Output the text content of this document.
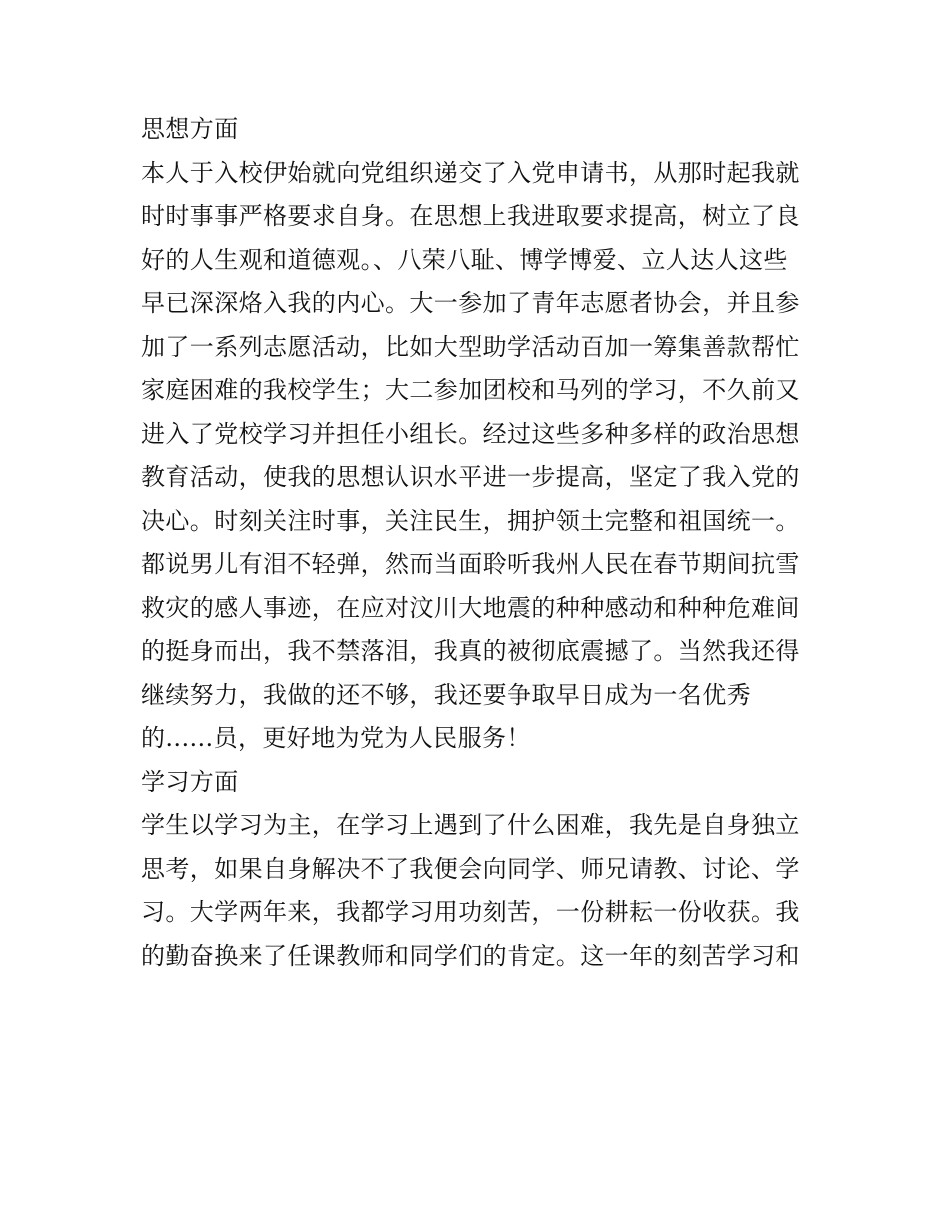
思想方面
本人于入校伊始就向党组织递交了入党申请书，从那时起我就
时时事事严格要求自身。在思想上我进取要求提高，树立了良
好的人生观和道德观。、八荣八耻、博学博爱、立人达人这些
早已深深烙入我的内心。大一参加了青年志愿者协会，并且参
加了一系列志愿活动，比如大型助学活动百加一筹集善款帮忙
家庭困难的我校学生；大二参加团校和马列的学习，不久前又
进入了党校学习并担任小组长。经过这些多种多样的政治思想
教育活动，使我的思想认识水平进一步提高，坚定了我入党的
决心。时刻关注时事，关注民生，拥护领土完整和祖国统一。
都说男儿有泪不轻弹，然而当面聆听我州人民在春节期间抗雪
救灾的感人事迹，在应对汶川大地震的种种感动和种种危难间
的挺身而出，我不禁落泪，我真的被彻底震撼了。当然我还得
继续努力，我做的还不够，我还要争取早日成为一名优秀
的......员，更好地为党为人民服务！
学习方面
学生以学习为主，在学习上遇到了什么困难，我先是自身独立
思考，如果自身解决不了我便会向同学、师兄请教、讨论、学
习。大学两年来，我都学习用功刻苦，一份耕耘一份收获。我
的勤奋换来了任课教师和同学们的肯定。这一年的刻苦学习和
